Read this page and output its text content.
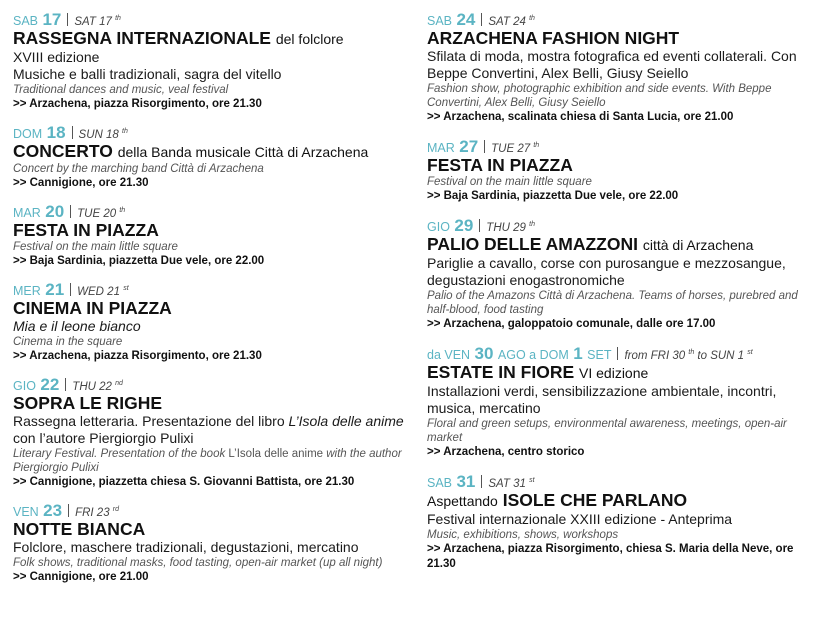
SAB 17 SAT 17 $^{th}$
RASSEGNA INTERNAZIONALE del folclore
XVIII edizione
Musiche e balli tradizionali, sagra del vitello
Traditional dances and music, veal festival
>> Arzachena, piazza Risorgimento, ore 21.30
DOM 18 SUN 18 $^{th}$
CONCERTO della Banda musicale Città di Arzachena
Concert by the marching band Città di Arzachena
>> Cannigione, ore 21.30
MAR 20 TUE 20 $^{th}$
FESTA IN PIAZZA
Festival on the main little square
>> Baja Sardinia, piazzetta Due vele, ore 22.00
MER 21 WED 21 $^{st}$
CINEMA IN PIAZZA
Mia e il leone bianco
Cinema in the square
>> Arzachena, piazza Risorgimento, ore 21.30
GIO 22 THU 22 $^{nd}$
SOPRA LE RIGHE
Rassegna letteraria. Presentazione del libro L’Isola delle anime con l’autore Piergiorgio Pulixi
Literary Festival. Presentation of the book L’Isola delle anime with the author Piergiorgio Pulixi
>> Cannigione, piazzetta chiesa S. Giovanni Battista, ore 21.30
VEN 23 FRI 23 $^{rd}$
NOTTE BIANCA
Folclore, maschere tradizionali, degustazioni, mercatino
Folk shows, traditional masks, food tasting, open-air market (up all night)
>> Cannigione, ore 21.00
SAB 24 SAT 24 $^{th}$
ARZACHENA FASHION NIGHT
Sfilata di moda, mostra fotografica ed eventi collaterali. Con Beppe Convertini, Alex Belli, Giusy Seiello
Fashion show, photographic exhibition and side events. With Beppe Convertini, Alex Belli, Giusy Seiello
>> Arzachena, scalinata chiesa di Santa Lucia, ore 21.00
MAR 27 TUE 27 $^{th}$
FESTA IN PIAZZA
Festival on the main little square
>> Baja Sardinia, piazzetta Due vele, ore 22.00
GIO 29 THU 29 $^{th}$
PALIO DELLE AMAZZONI città di Arzachena
Pariglie a cavallo, corse con purosangue e mezzosangue, degustazioni enogastronomiche
Palio of the Amazons Città di Arzachena. Teams of horses, purebred and half-blood, food tasting
>> Arzachena, galoppatoio comunale, dalle ore 17.00
da VEN 30 AGO a DOM 1 SET from FRI 30 $^{th}$ to SUN 1 $^{st}$
ESTATE IN FIORE VI edizione
Installazioni verdi, sensibilizzazione ambientale, incontri, musica, mercatino
Floral and green setups, environmental awareness, meetings, open-air market
>> Arzachena, centro storico
SAB 31 SAT 31 $^{st}$
Aspettando ISOLE CHE PARLANO
Festival internazionale XXIII edizione - Anteprima
Music, exhibitions, shows, workshops
>> Arzachena, piazza Risorgimento, chiesa S. Maria della Neve, ore 21.30
